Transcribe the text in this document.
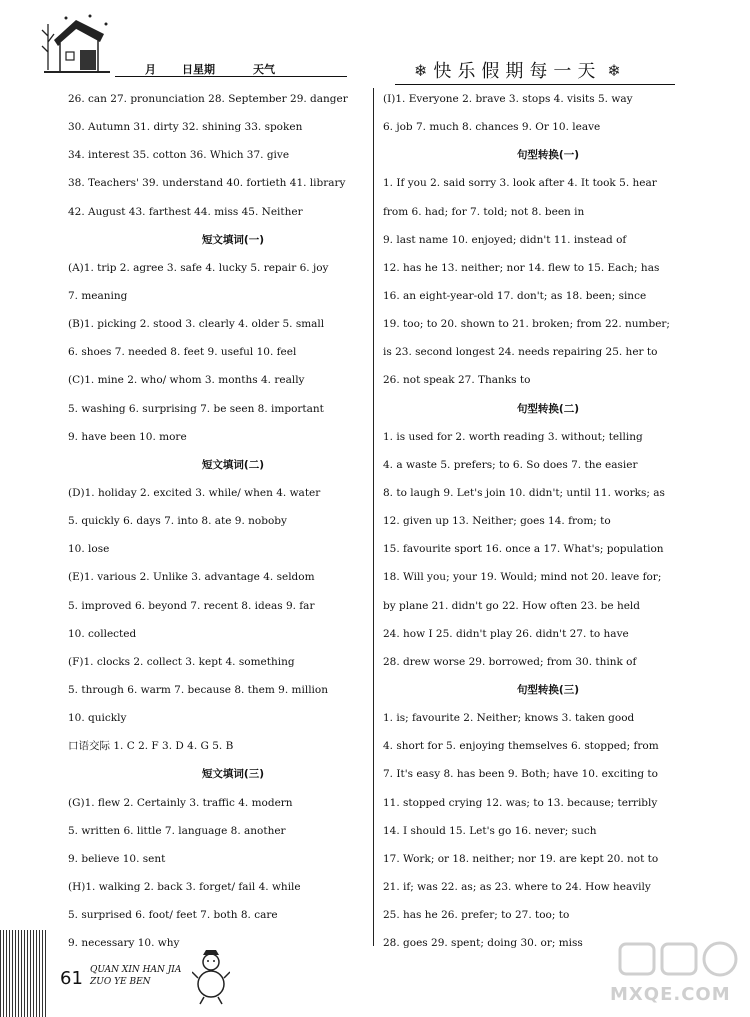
月 日 星期	天气	❄ 快乐假期每一天 ❄
26. can 27. pronunciation 28. September 29. danger
30. Autumn 31. dirty 32. shining 33. spoken
34. interest 35. cotton 36. Which 37. give
38. Teachers' 39. understand 40. fortieth 41. library
42. August 43. farthest 44. miss 45. Neither
短文填词(一)
(A)1. trip 2. agree 3. safe 4. lucky 5. repair 6. joy
7. meaning
(B)1. picking 2. stood 3. clearly 4. older 5. small
6. shoes 7. needed 8. feet 9. useful 10. feel
(C)1. mine 2. who/ whom 3. months 4. really
5. washing 6. surprising 7. be seen 8. important
9. have been 10. more
短文填词(二)
(D)1. holiday 2. excited 3. while/ when 4. water
5. quickly 6. days 7. into 8. ate 9. noboby
10. lose
(E)1. various 2. Unlike 3. advantage 4. seldom
5. improved 6. beyond 7. recent 8. ideas 9. far
10. collected
(F)1. clocks 2. collect 3. kept 4. something
5. through 6. warm 7. because 8. them 9. million
10. quickly
口语交际 1. C 2. F 3. D 4. G 5. B
短文填词(三)
(G)1. flew 2. Certainly 3. traffic 4. modern
5. written 6. little 7. language 8. another
9. believe 10. sent
(H)1. walking 2. back 3. forget/ fail 4. while
5. surprised 6. foot/ feet 7. both 8. care
9. necessary 10. why
(I)1. Everyone 2. brave 3. stops 4. visits 5. way
6. job 7. much 8. chances 9. Or 10. leave
句型转换(一)
1. If you 2. said sorry 3. look after 4. It took 5. hear
from 6. had; for 7. told; not 8. been in
9. last name 10. enjoyed; didn't 11. instead of
12. has he 13. neither; nor 14. flew to 15. Each; has
16. an eight-year-old 17. don't; as 18. been; since
19. too; to 20. shown to 21. broken; from 22. number;
is 23. second longest 24. needs repairing 25. her to
26. not speak 27. Thanks to
句型转换(二)
1. is used for 2. worth reading 3. without; telling
4. a waste 5. prefers; to 6. So does 7. the easier
8. to laugh 9. Let's join 10. didn't; until 11. works; as
12. given up 13. Neither; goes 14. from; to
15. favourite sport 16. once a 17. What's; population
18. Will you; your 19. Would; mind not 20. leave for;
by plane 21. didn't go 22. How often 23. be held
24. how I 25. didn't play 26. didn't 27. to have
28. drew worse 29. borrowed; from 30. think of
句型转换(三)
1. is; favourite 2. Neither; knows 3. taken good
4. short for 5. enjoying themselves 6. stopped; from
7. It's easy 8. has been 9. Both; have 10. exciting to
11. stopped crying 12. was; to 13. because; terribly
14. I should 15. Let's go 16. never; such
17. Work; or 18. neither; nor 19. are kept 20. not to
21. if; was 22. as; as 23. where to 24. How heavily
25. has he 26. prefer; to 27. too; to
28. goes 29. spent; doing 30. or; miss
61 QUAN XIN HAN JIA
ZUO YE BEN
MXQE.COM
